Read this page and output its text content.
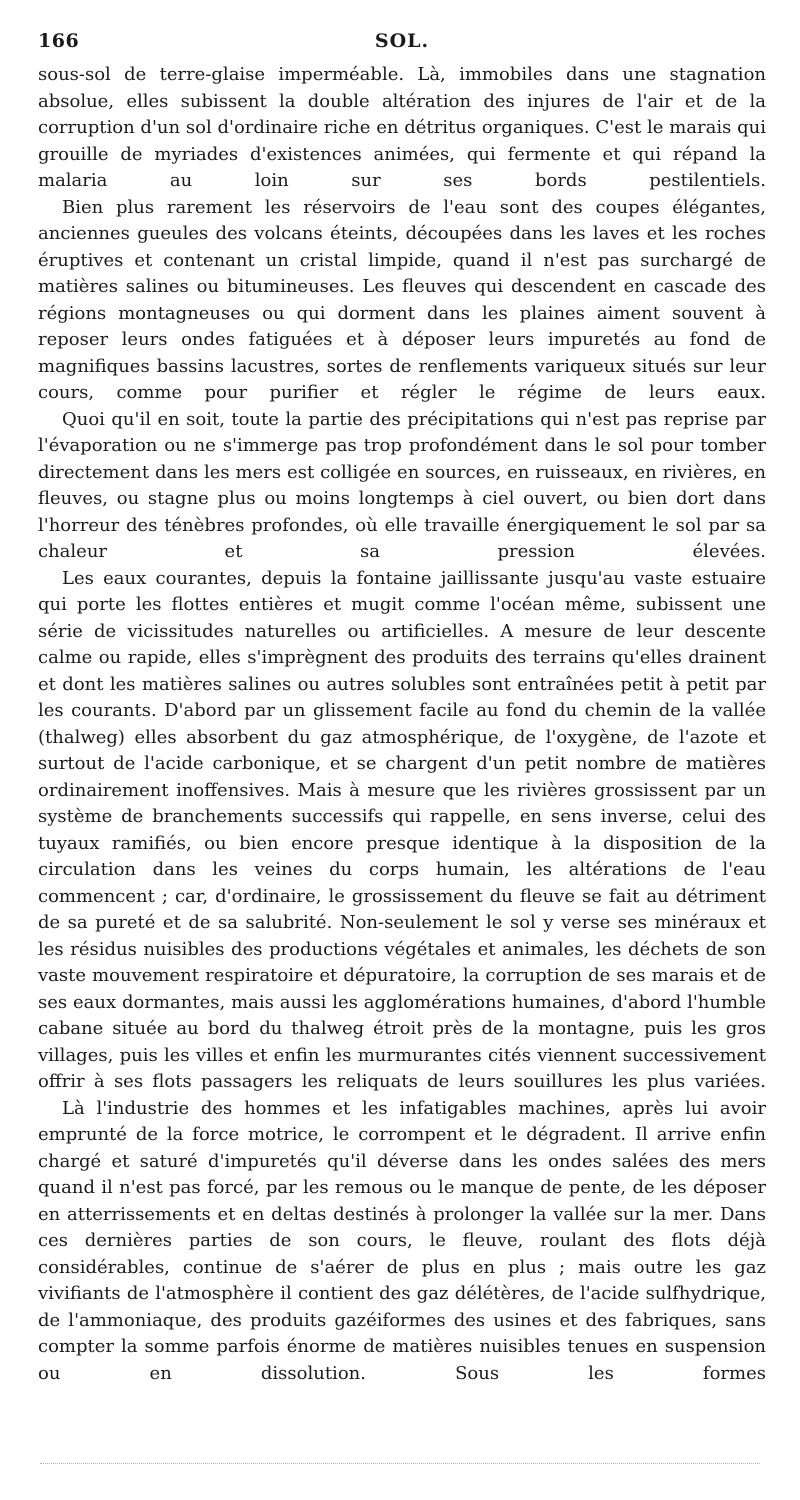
166	SOL.

sous-sol de terre-glaise imperméable. Là, immobiles dans une stagnation absolue, elles subissent la double altération des injures de l'air et de la corruption d'un sol d'ordinaire riche en détritus organiques. C'est le marais qui grouille de myriades d'existences animées, qui fermente et qui répand la malaria au loin sur ses bords pestilentiels.

Bien plus rarement les réservoirs de l'eau sont des coupes élégantes, anciennes gueules des volcans éteints, découpées dans les laves et les roches éruptives et contenant un cristal limpide, quand il n'est pas surchargé de matières salines ou bitumineuses. Les fleuves qui descendent en cascade des régions montagneuses ou qui dorment dans les plaines aiment souvent à reposer leurs ondes fatiguées et à déposer leurs impuretés au fond de magnifiques bassins lacustres, sortes de renflements variqueux situés sur leur cours, comme pour purifier et régler le régime de leurs eaux.

Quoi qu'il en soit, toute la partie des précipitations qui n'est pas reprise par l'évaporation ou ne s'immerge pas trop profondément dans le sol pour tomber directement dans les mers est colligée en sources, en ruisseaux, en rivières, en fleuves, ou stagne plus ou moins longtemps à ciel ouvert, ou bien dort dans l'horreur des ténèbres profondes, où elle travaille énergiquement le sol par sa chaleur et sa pression élevées.

Les eaux courantes, depuis la fontaine jaillissante jusqu'au vaste estuaire qui porte les flottes entières et mugit comme l'océan même, subissent une série de vicissitudes naturelles ou artificielles. A mesure de leur descente calme ou rapide, elles s'imprègnent des produits des terrains qu'elles drainent et dont les matières salines ou autres solubles sont entraînées petit à petit par les courants. D'abord par un glissement facile au fond du chemin de la vallée (thalweg) elles absorbent du gaz atmosphérique, de l'oxygène, de l'azote et surtout de l'acide carbonique, et se chargent d'un petit nombre de matières ordinairement inoffensives. Mais à mesure que les rivières grossissent par un système de branchements successifs qui rappelle, en sens inverse, celui des tuyaux ramifiés, ou bien encore presque identique à la disposition de la circulation dans les veines du corps humain, les altérations de l'eau commencent ; car, d'ordinaire, le grossissement du fleuve se fait au détriment de sa pureté et de sa salubrité. Non-seulement le sol y verse ses minéraux et les résidus nuisibles des productions végétales et animales, les déchets de son vaste mouvement respiratoire et dépuratoire, la corruption de ses marais et de ses eaux dormantes, mais aussi les agglomérations humaines, d'abord l'humble cabane située au bord du thalweg étroit près de la montagne, puis les gros villages, puis les villes et enfin les murmurantes cités viennent successivement offrir à ses flots passagers les reliquats de leurs souillures les plus variées.

Là l'industrie des hommes et les infatigables machines, après lui avoir emprunté de la force motrice, le corrompent et le dégradent. Il arrive enfin chargé et saturé d'impuretés qu'il déverse dans les ondes salées des mers quand il n'est pas forcé, par les remous ou le manque de pente, de les déposer en atterrissements et en deltas destinés à prolonger la vallée sur la mer. Dans ces dernières parties de son cours, le fleuve, roulant des flots déjà considérables, continue de s'aérer de plus en plus ; mais outre les gaz vivifiants de l'atmosphère il contient des gaz délétères, de l'acide sulfhydrique, de l'ammoniaque, des produits gazéiformes des usines et des fabriques, sans compter la somme parfois énorme de matières nuisibles tenues en suspension ou en dissolution. Sous les formes
